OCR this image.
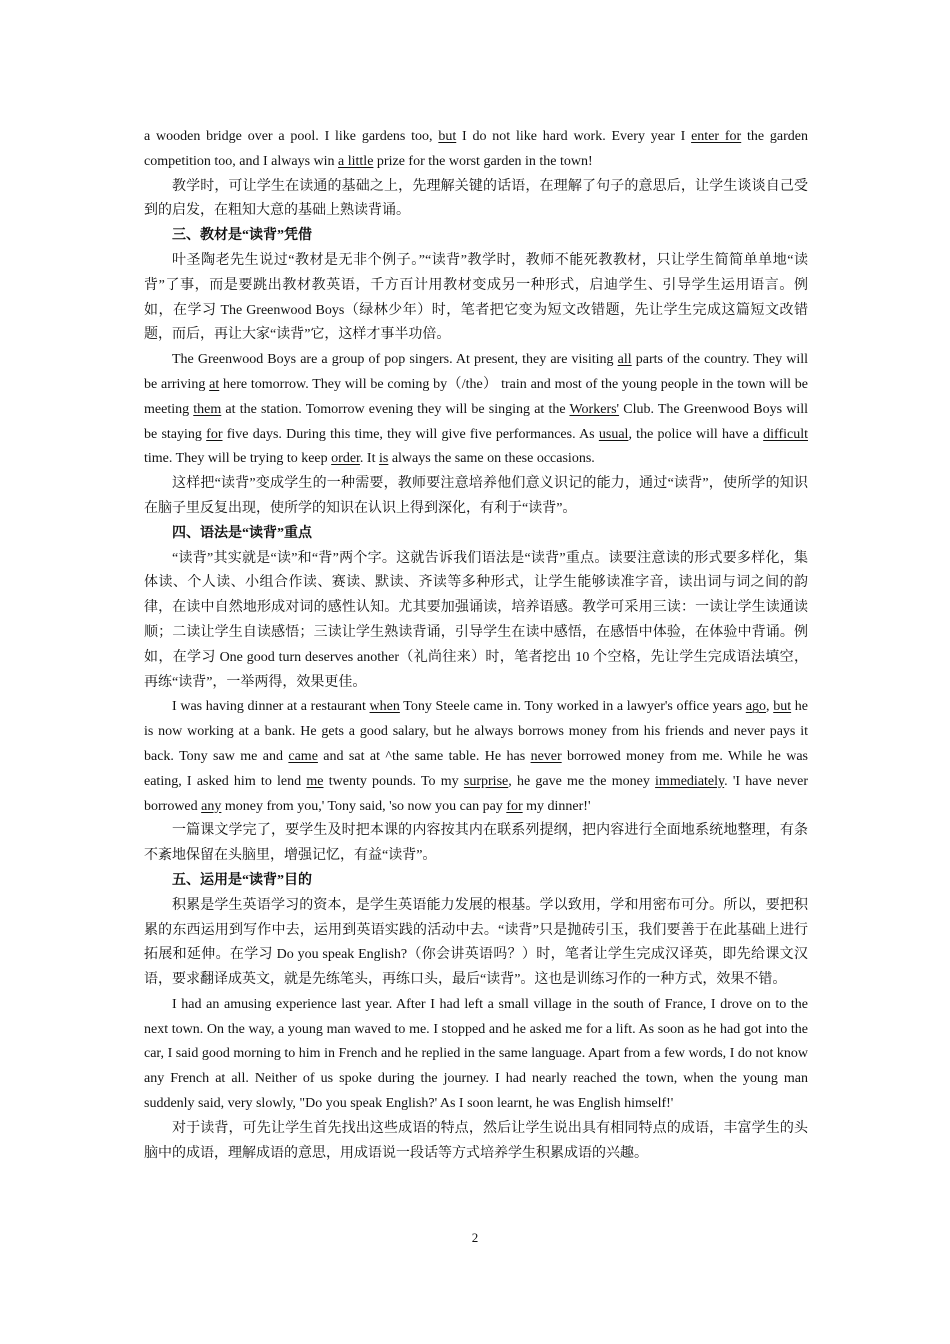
a wooden bridge over a pool. I like gardens too, but I do not like hard work. Every year I enter for the garden competition too, and I always win a little prize for the worst garden in the town!

教学时，可让学生在读通的基础之上，先理解关键的话语，在理解了句子的意思后，让学生谈谈自己受到的启发，在粗知大意的基础上熟读背诵。

三、教材是“读背”凭借

叶圣陶老先生说过“教材是无非个例子。”“读背”教学时，教师不能死教教材，只让学生简简单单地“读背”了事，而是要跳出教材教英语，千方百计用教材变成另一种形式，启迪学生、引导学生运用语言。例如，在学习 The Greenwood Boys（绿林少年）时，笔者把它变为短文改错题，先让学生完成这篇短文改错题，而后，再让大家“读背”它，这样才事半功倍。

The Greenwood Boys are a group of pop singers. At present, they are visiting all parts of the country. They will be arriving at here tomorrow. They will be coming by（/the） train and most of the young people in the town will be meeting them at the station. Tomorrow evening they will be singing at the Workers' Club. The Greenwood Boys will be staying for five days. During this time, they will give five performances. As usual, the police will have a difficult time. They will be trying to keep order. It is always the same on these occasions.

这样把“读背”变成学生的一种需要，教师要注意培养他们意义识记的能力，通过“读背”，使所学的知识在脑子里反复出现，使所学的知识在认识上得到深化，有利于“读背”。

四、语法是“读背”重点

“读背”其实就是“读”和“背”两个字。这就告诉我们语法是“读背”重点。读要注意读的形式要多样化，集体读、个人读、小组合作读、赛读、默读、齐读等多种形式，让学生能够读准字音，读出词与词之间的韵律，在读中自然地形成对词的感性认知。尤其要加强诵读，培养语感。教学可采用三读：一读让学生读通读顺；二读让学生自读感悟；三读让学生熟读背诵，引导学生在读中感悟，在感悟中体验，在体验中背诵。例如，在学习 One good turn deserves another（礼尚往来）时，笔者挖出 10 个空格，先让学生完成语法填空，再练“读背”，一举两得，效果更佳。

I was having dinner at a restaurant when Tony Steele came in. Tony worked in a lawyer's office years ago, but he is now working at a bank. He gets a good salary, but he always borrows money from his friends and never pays it back. Tony saw me and came and sat at ^the same table. He has never borrowed money from me. While he was eating, I asked him to lend me twenty pounds. To my surprise, he gave me the money immediately. 'I have never borrowed any money from you,' Tony said, 'so now you can pay for my dinner!'

一篇课文学完了，要学生及时把本课的内容按其内在联系列提纲，把内容进行全面地系统地整理，有条不紊地保留在头脑里，增强记忆，有益“读背”。

五、运用是“读背”目的

积累是学生英语学习的资本，是学生英语能力发展的根基。学以致用，学和用密布可分。所以，要把积累的东西运用到写作中去，运用到英语实践的活动中去。“读背”只是抛砖引玉，我们要善于在此基础上进行拓展和延伸。在学习 Do you speak English?（你会讲英语吗？）时，笔者让学生完成汉译英，即先给课文汉语，要求翻译成英文，就是先练笔头，再练口头，最后“读背”。这也是训练习作的一种方式，效果不错。

I had an amusing experience last year. After I had left a small village in the south of France, I drove on to the next town. On the way, a young man waved to me. I stopped and he asked me for a lift. As soon as he had got into the car, I said good morning to him in French and he replied in the same language. Apart from a few words, I do not know any French at all. Neither of us spoke during the journey. I had nearly reached the town, when the young man suddenly said, very slowly, "Do you speak English?' As I soon learnt, he was English himself!'

对于读背，可先让学生首先找出这些成语的特点，然后让学生说出具有相同特点的成语，丰富学生的头脑中的成语，理解成语的意思，用成语说一段话等方式培养学生积累成语的兴趣。

2
